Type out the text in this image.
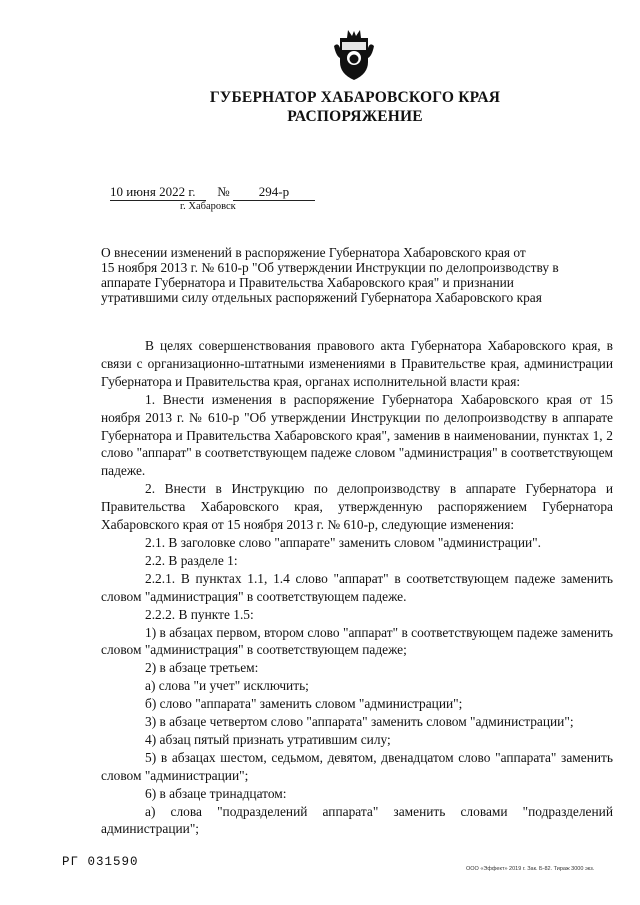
ГУБЕРНАТОР ХАБАРОВСКОГО КРАЯ
РАСПОРЯЖЕНИЕ
10 июня 2022 г. № 294-р
г. Хабаровск
О внесении изменений в распоряжение Губернатора Хабаровского края от
15 ноября 2013 г. № 610-р "Об утверждении Инструкции по делопроизводству в
аппарате Губернатора и Правительства Хабаровского края" и признании
утратившими силу отдельных распоряжений Губернатора Хабаровского края

В целях совершенствования правового акта Губернатора Хабаровского края, в связи с организационно-штатными изменениями в Правительстве края, администрации Губернатора и Правительства края, органах исполнительной власти края:

1. Внести изменения в распоряжение Губернатора Хабаровского края от 15 ноября 2013 г. № 610-р "Об утверждении Инструкции по делопроизводству в аппарате Губернатора и Правительства Хабаровского края", заменив в наименовании, пунктах 1, 2 слово "аппарат" в соответствующем падеже словом "администрация" в соответствующем падеже.

2. Внести в Инструкцию по делопроизводству в аппарате Губернатора и Правительства Хабаровского края, утвержденную распоряжением Губернатора Хабаровского края от 15 ноября 2013 г. № 610-р, следующие изменения:

2.1. В заголовке слово "аппарате" заменить словом "администрации".

2.2. В разделе 1:

2.2.1. В пунктах 1.1, 1.4 слово "аппарат" в соответствующем падеже заменить словом "администрация" в соответствующем падеже.

2.2.2. В пункте 1.5:

1) в абзацах первом, втором слово "аппарат" в соответствующем падеже заменить словом "администрация" в соответствующем падеже;

2) в абзаце третьем:

а) слова "и учет" исключить;

б) слово "аппарата" заменить словом "администрации";

3) в абзаце четвертом слово "аппарата" заменить словом "администрации";

4) абзац пятый признать утратившим силу;

5) в абзацах шестом, седьмом, девятом, двенадцатом слово "аппарата" заменить словом "администрации";

6) в абзаце тринадцатом:

а) слова "подразделений аппарата" заменить словами "подразделений администрации";

РГ 031590	ООО «Эффект» 2019 г. Зак. Б-82. Тираж 3000 экз.
